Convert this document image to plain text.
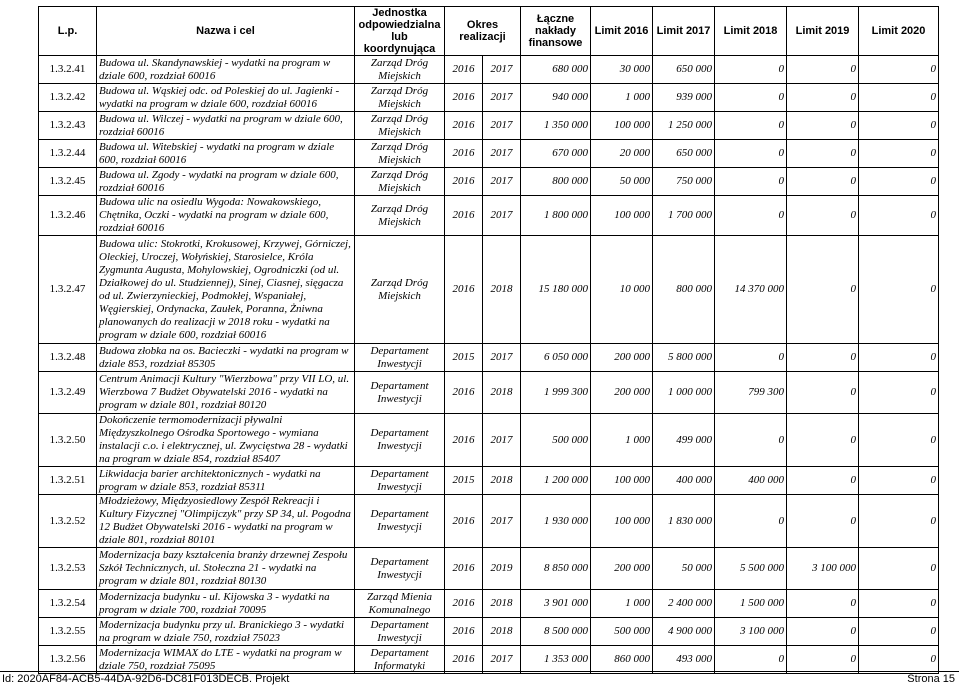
L.p.	Nazwa i cel	Jednostka odpowiedzialna lub koordynująca	Okres realizacji		Łączne nakłady finansowe	Limit 2016	Limit 2017	Limit 2018	Limit 2019	Limit 2020
1.3.2.41	Budowa ul. Skandynawskiej - wydatki na program w dziale 600, rozdział 60016	Zarząd Dróg Miejskich	2016	2017	680 000	30 000	650 000	0	0	0
1.3.2.42	Budowa ul. Wąskiej odc. od Poleskiej do ul. Jagienki - wydatki na program w dziale 600, rozdział 60016	Zarząd Dróg Miejskich	2016	2017	940 000	1 000	939 000	0	0	0
1.3.2.43	Budowa ul. Wilczej - wydatki na program w dziale 600, rozdział 60016	Zarząd Dróg Miejskich	2016	2017	1 350 000	100 000	1 250 000	0	0	0
1.3.2.44	Budowa ul. Witebskiej - wydatki na program w dziale 600, rozdział 60016	Zarząd Dróg Miejskich	2016	2017	670 000	20 000	650 000	0	0	0
1.3.2.45	Budowa ul. Zgody - wydatki na program w dziale 600, rozdział 60016	Zarząd Dróg Miejskich	2016	2017	800 000	50 000	750 000	0	0	0
1.3.2.46	Budowa ulic na osiedlu Wygoda: Nowakowskiego, Chętnika, Oczki - wydatki na program w dziale 600, rozdział 60016	Zarząd Dróg Miejskich	2016	2017	1 800 000	100 000	1 700 000	0	0	0
1.3.2.47	Budowa ulic: Stokrotki, Krokusowej, Krzywej, Górniczej, Oleckiej, Uroczej, Wołyńskiej, Starosielce, Króla Zygmunta Augusta, Mohylowskiej, Ogrodniczki (od ul. Działkowej do ul. Studziennej), Sinej, Ciasnej, sięgacza od ul. Zwierzynieckiej, Podmokłej, Wspaniałej, Węgierskiej, Ordynacka, Zaułek, Poranna, Żniwna planowanych do realizacji w 2018 roku - wydatki na program w dziale 600, rozdział 60016	Zarząd Dróg Miejskich	2016	2018	15 180 000	10 000	800 000	14 370 000	0	0
1.3.2.48	Budowa złobka na os. Bacieczki - wydatki na program w dziale 853, rozdział 85305	Departament Inwestycji	2015	2017	6 050 000	200 000	5 800 000	0	0	0
1.3.2.49	Centrum Animacji Kultury "Wierzbowa" przy VII LO, ul. Wierzbowa 7 Budżet Obywatelski 2016 - wydatki na program w dziale 801, rozdział 80120	Departament Inwestycji	2016	2018	1 999 300	200 000	1 000 000	799 300	0	0
1.3.2.50	Dokończenie termomodernizacji pływalni Międzyszkolnego Ośrodka Sportowego - wymiana instalacji c.o. i elektrycznej, ul. Zwycięstwa 28 - wydatki na program w dziale 854, rozdział 85407	Departament Inwestycji	2016	2017	500 000	1 000	499 000	0	0	0
1.3.2.51	Likwidacja barier architektonicznych - wydatki na program w dziale 853, rozdział 85311	Departament Inwestycji	2015	2018	1 200 000	100 000	400 000	400 000	0	0
1.3.2.52	Młodzieżowy, Międzyosiedlowy Zespół Rekreacji i Kultury Fizycznej "Olimpijczyk" przy SP 34, ul. Pogodna 12 Budżet Obywatelski 2016 - wydatki na program w dziale 801, rozdział 80101	Departament Inwestycji	2016	2017	1 930 000	100 000	1 830 000	0	0	0
1.3.2.53	Modernizacja bazy kształcenia branży drzewnej Zespołu Szkół Technicznych, ul. Stołeczna 21 - wydatki na program w dziale 801, rozdział 80130	Departament Inwestycji	2016	2019	8 850 000	200 000	50 000	5 500 000	3 100 000	0
1.3.2.54	Modernizacja budynku - ul. Kijowska 3 - wydatki na program w dziale 700, rozdział 70095	Zarząd Mienia Komunalnego	2016	2018	3 901 000	1 000	2 400 000	1 500 000	0	0
1.3.2.55	Modernizacja budynku przy ul. Branickiego 3 - wydatki na program w dziale 750, rozdział 75023	Departament Inwestycji	2016	2018	8 500 000	500 000	4 900 000	3 100 000	0	0
1.3.2.56	Modernizacja WIMAX do LTE - wydatki na program w dziale 750, rozdział 75095	Departament Informatyki	2016	2017	1 353 000	860 000	493 000	0	0	0
Id: 2020AF84-ACB5-44DA-92D6-DC81F013DECB. Projekt	Strona 15
